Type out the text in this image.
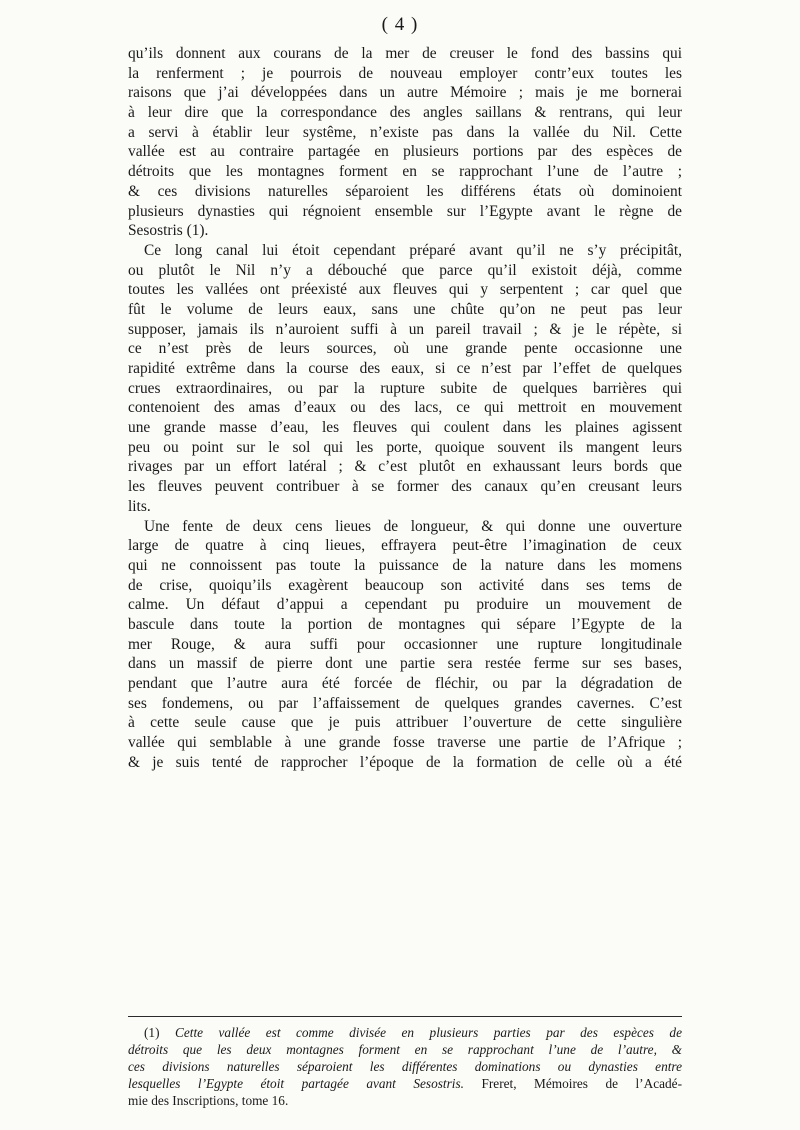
( 4 )
qu’ils donnent aux courans de la mer de creuser le fond des bassins qui
la renferment ; je pourrois de nouveau employer contr’eux toutes les
raisons que j’ai développées dans un autre Mémoire ; mais je me bornerai
à leur dire que la correspondance des angles saillans & rentrans, qui leur
a servi à établir leur systême, n’existe pas dans la vallée du Nil. Cette
vallée est au contraire partagée en plusieurs portions par des espèces de
détroits que les montagnes forment en se rapprochant l’une de l’autre ;
& ces divisions naturelles séparoient les différens états où dominoient
plusieurs dynasties qui régnoient ensemble sur l’Egypte avant le règne de
Sesostris (1).
Ce long canal lui étoit cependant préparé avant qu’il ne s’y précipitât,
ou plutôt le Nil n’y a débouché que parce qu’il existoit déjà, comme
toutes les vallées ont préexisté aux fleuves qui y serpentent ; car quel que
fût le volume de leurs eaux, sans une chûte qu’on ne peut pas leur
supposer, jamais ils n’auroient suffi à un pareil travail ; & je le répète, si
ce n’est près de leurs sources, où une grande pente occasionne une
rapidité extrême dans la course des eaux, si ce n’est par l’effet de quelques
crues extraordinaires, ou par la rupture subite de quelques barrières qui
contenoient des amas d’eaux ou des lacs, ce qui mettroit en mouvement
une grande masse d’eau, les fleuves qui coulent dans les plaines agissent
peu ou point sur le sol qui les porte, quoique souvent ils mangent leurs
rivages par un effort latéral ; & c’est plutôt en exhaussant leurs bords que
les fleuves peuvent contribuer à se former des canaux qu’en creusant leurs
lits.
Une fente de deux cens lieues de longueur, & qui donne une ouverture
large de quatre à cinq lieues, effrayera peut-être l’imagination de ceux
qui ne connoissent pas toute la puissance de la nature dans les momens
de crise, quoiqu’ils exagèrent beaucoup son activité dans ses tems de
calme. Un défaut d’appui a cependant pu produire un mouvement de
bascule dans toute la portion de montagnes qui sépare l’Egypte de la
mer Rouge, & aura suffi pour occasionner une rupture longitudinale
dans un massif de pierre dont une partie sera restée ferme sur ses bases,
pendant que l’autre aura été forcée de fléchir, ou par la dégradation de
ses fondemens, ou par l’affaissement de quelques grandes cavernes. C’est
à cette seule cause que je puis attribuer l’ouverture de cette singulière
vallée qui semblable à une grande fosse traverse une partie de l’Afrique ;
& je suis tenté de rapprocher l’époque de la formation de celle où a été
(1) Cette vallée est comme divisée en plusieurs parties par des espèces de
détroits que les deux montagnes forment en se rapprochant l’une de l’autre, &
ces divisions naturelles séparoient les différentes dominations ou dynasties entre
lesquelles l’Egypte étoit partagée avant Sesostris. Freret, Mémoires de l’Acadé-
mie des Inscriptions, tome 16.
